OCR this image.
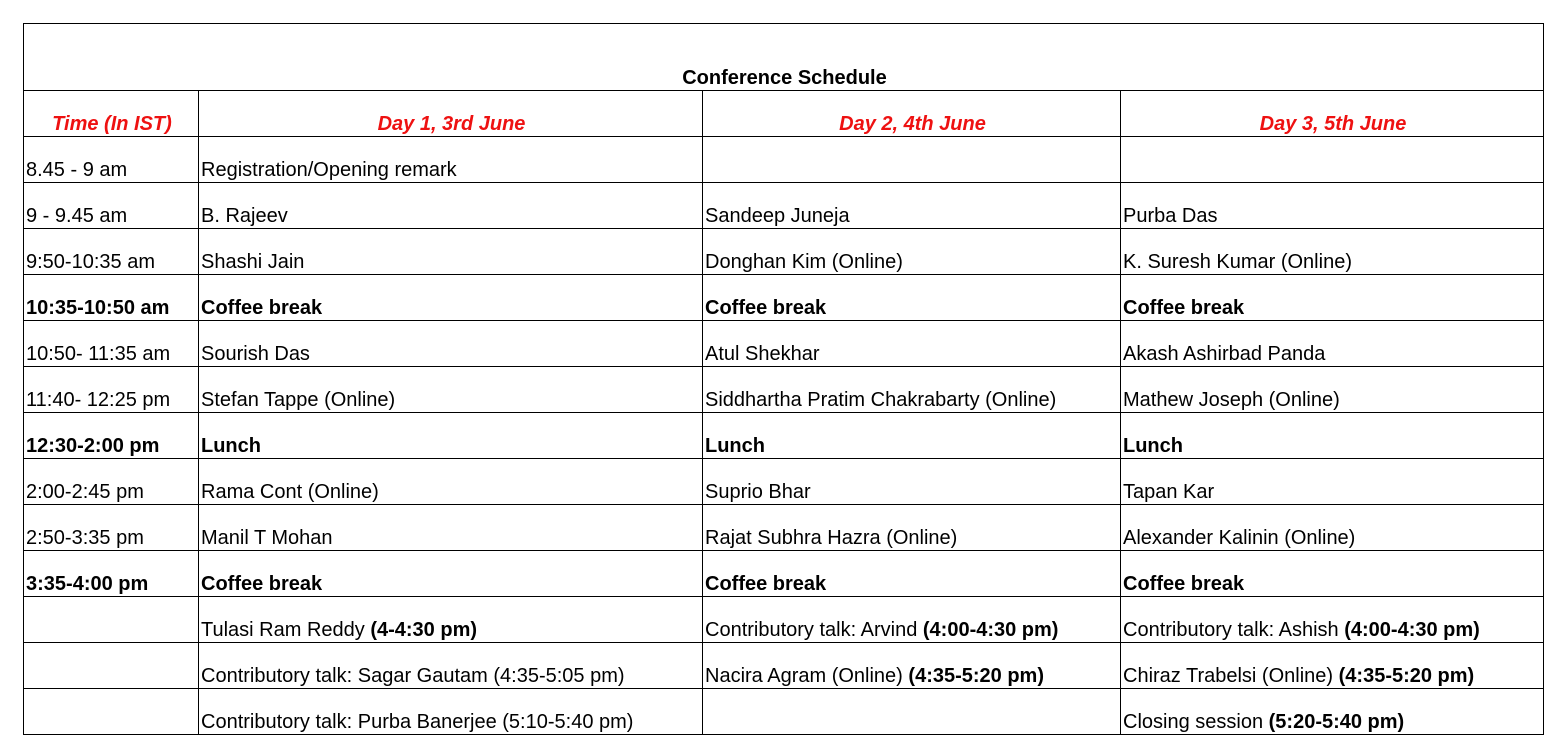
Conference Schedule			
Time (In IST)	Day 1, 3rd June	Day 2, 4th June	Day 3, 5th June
8.45 - 9 am	Registration/Opening remark		
9 - 9.45 am	B. Rajeev	Sandeep Juneja	Purba Das
9:50-10:35 am	Shashi Jain	Donghan Kim (Online)	K. Suresh Kumar (Online)
10:35-10:50 am	Coffee break	Coffee break	Coffee break
10:50- 11:35 am	Sourish Das	Atul Shekhar	Akash Ashirbad Panda
11:40- 12:25 pm	Stefan Tappe (Online)	Siddhartha Pratim Chakrabarty (Online)	Mathew Joseph (Online)
12:30-2:00 pm	Lunch	Lunch	Lunch
2:00-2:45 pm	Rama Cont (Online)	Suprio Bhar	Tapan Kar
2:50-3:35 pm	Manil T Mohan	Rajat Subhra Hazra (Online)	Alexander Kalinin (Online)
3:35-4:00 pm	Coffee break	Coffee break	Coffee break
	Tulasi Ram Reddy (4-4:30 pm)	Contributory talk: Arvind (4:00-4:30 pm)	Contributory talk: Ashish (4:00-4:30 pm)
	Contributory talk: Sagar Gautam (4:35-5:05 pm)	Nacira Agram (Online) (4:35-5:20 pm)	Chiraz Trabelsi (Online) (4:35-5:20 pm)
	Contributory talk: Purba Banerjee (5:10-5:40 pm)		Closing session (5:20-5:40 pm)
